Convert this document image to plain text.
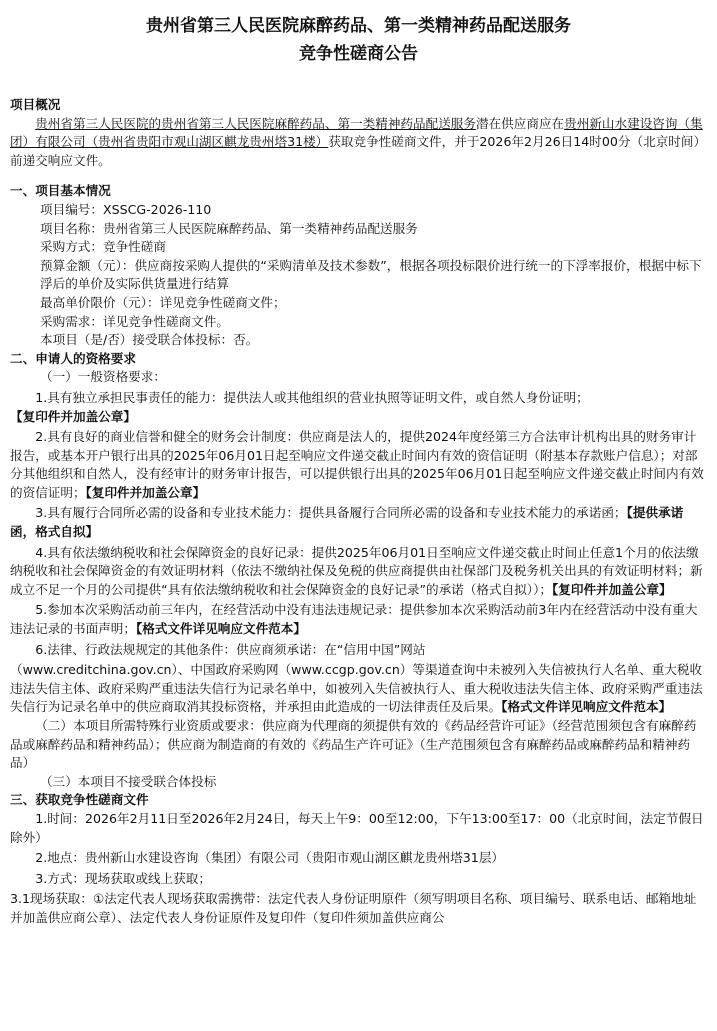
贵州省第三人民医院麻醉药品、第一类精神药品配送服务
竞争性磋商公告
项目概况

贵州省第三人民医院的贵州省第三人民医院麻醉药品、第一类精神药品配送服务潜在供应商应在贵州新山水建设咨询（集团）有限公司（贵州省贵阳市观山湖区麒龙贵州塔31楼）获取竞争性磋商文件，并于2026年2月26日14时00分（北京时间）前递交响应文件。

一、项目基本情况

项目编号：XSSCG-2026-110

项目名称：贵州省第三人民医院麻醉药品、第一类精神药品配送服务

采购方式：竞争性磋商

预算金额（元）：供应商按采购人提供的“采购清单及技术参数”，根据各项投标限价进行统一的下浮率报价，根据中标下浮后的单价及实际供货量进行结算

最高单价限价（元）：详见竞争性磋商文件；

采购需求：详见竞争性磋商文件。

本项目（是/否）接受联合体投标：否。

二、申请人的资格要求

（一）一般资格要求：

1.具有独立承担民事责任的能力：提供法人或其他组织的营业执照等证明文件，或自然人身份证明；【复印件并加盖公章】

2.具有良好的商业信誉和健全的财务会计制度：供应商是法人的，提供2024年度经第三方合法审计机构出具的财务审计报告，或基本开户银行出具的2025年06月01日起至响应文件递交截止时间内有效的资信证明（附基本存款账户信息）；对部分其他组织和自然人，没有经审计的财务审计报告，可以提供银行出具的2025年06月01日起至响应文件递交截止时间内有效的资信证明；【复印件并加盖公章】

3.具有履行合同所必需的设备和专业技术能力：提供具备履行合同所必需的设备和专业技术能力的承诺函；【提供承诺函，格式自拟】

4.具有依法缴纳税收和社会保障资金的良好记录：提供2025年06月01日至响应文件递交截止时间止任意1个月的依法缴纳税收和社会保障资金的有效证明材料（依法不缴纳社保及免税的供应商提供由社保部门及税务机关出具的有效证明材料；新成立不足一个月的公司提供“具有依法缴纳税收和社会保障资金的良好记录”的承诺（格式自拟））；【复印件并加盖公章】

5.参加本次采购活动前三年内，在经营活动中没有违法违规记录：提供参加本次采购活动前3年内在经营活动中没有重大违法记录的书面声明；【格式文件详见响应文件范本】

6.法律、行政法规规定的其他条件：供应商须承诺：在“信用中国”网站

（www.creditchina.gov.cn）、中国政府采购网（www.ccgp.gov.cn）等渠道查询中未被列入失信被执行人名单、重大税收违法失信主体、政府采购严重违法失信行为记录名单中，如被列入失信被执行人、重大税收违法失信主体、政府采购严重违法失信行为记录名单中的供应商取消其投标资格，并承担由此造成的一切法律责任及后果。【格式文件详见响应文件范本】

（二）本项目所需特殊行业资质或要求：供应商为代理商的须提供有效的《药品经营许可证》（经营范围须包含有麻醉药品或麻醉药品和精神药品）；供应商为制造商的有效的《药品生产许可证》（生产范围须包含有麻醉药品或麻醉药品和精神药品）

（三）本项目不接受联合体投标

三、获取竞争性磋商文件

1.时间：2026年2月11日至2026年2月24日，每天上午9：00至12:00，下午13:00至17：00（北京时间，法定节假日除外）

2.地点：贵州新山水建设咨询（集团）有限公司（贵阳市观山湖区麒龙贵州塔31层）

3.方式：现场获取或线上获取；

3.1现场获取：①法定代表人现场获取需携带：法定代表人身份证明原件（须写明项目名称、项目编号、联系电话、邮箱地址并加盖供应商公章）、法定代表人身份证原件及复印件（复印件须加盖供应商公
